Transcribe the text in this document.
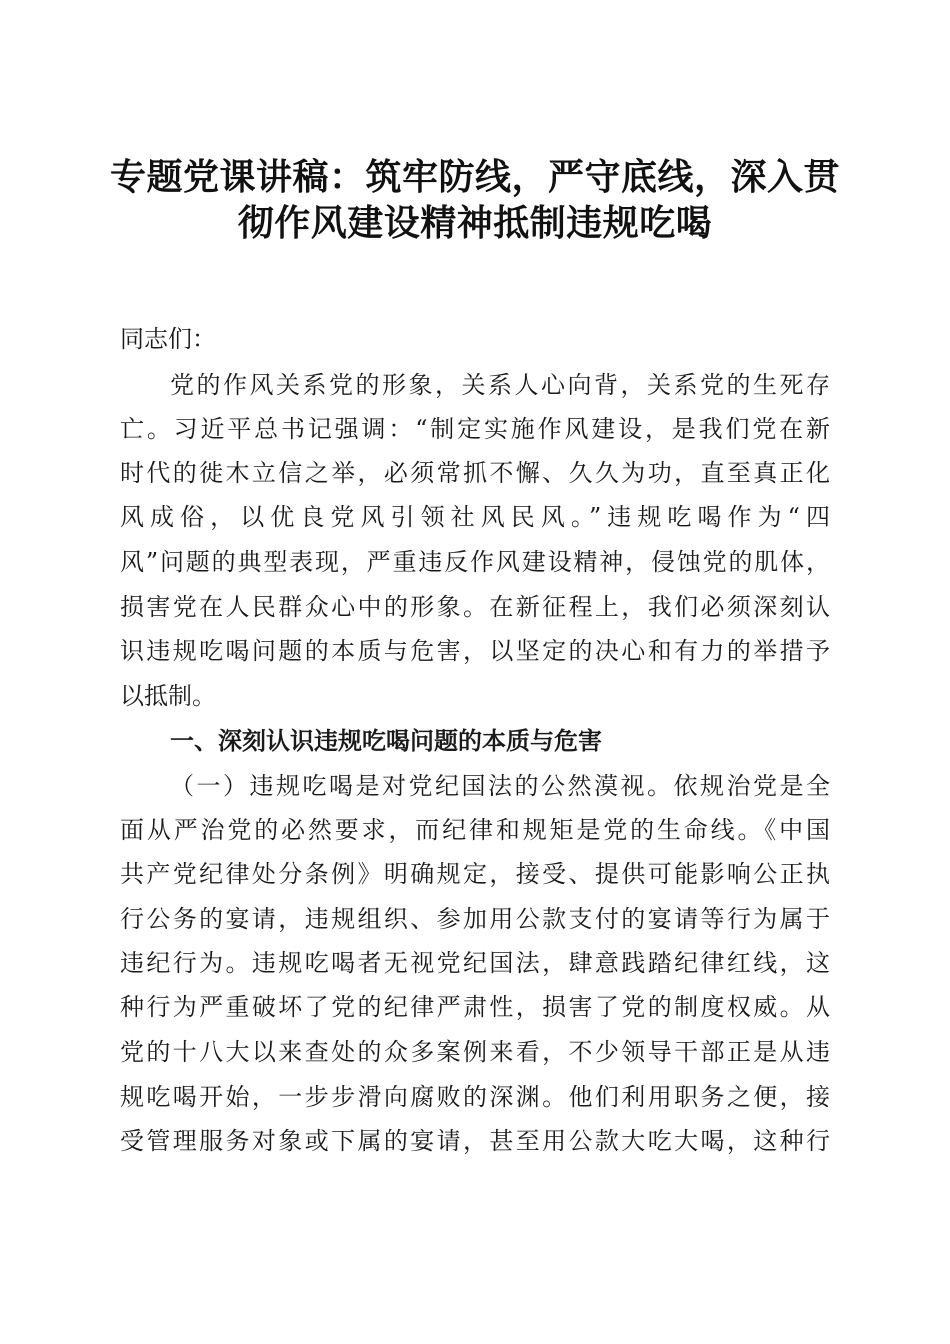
专题党课讲稿：筑牢防线，严守底线，深入贯
彻作风建设精神抵制违规吃喝
同志们：
党的作风关系党的形象，关系人心向背，关系党的生死存
亡。习近平总书记强调：“制定实施作风建设，是我们党在新
时代的徙木立信之举，必须常抓不懈、久久为功，直至真正化
风成俗，以优良党风引领社风民风。”违规吃喝作为“四
风”问题的典型表现，严重违反作风建设精神，侵蚀党的肌体，
损害党在人民群众心中的形象。在新征程上，我们必须深刻认
识违规吃喝问题的本质与危害，以坚定的决心和有力的举措予
以抵制。
一、深刻认识违规吃喝问题的本质与危害
（一）违规吃喝是对党纪国法的公然漠视。依规治党是全
面从严治党的必然要求，而纪律和规矩是党的生命线。《中国
共产党纪律处分条例》明确规定，接受、提供可能影响公正执
行公务的宴请，违规组织、参加用公款支付的宴请等行为属于
违纪行为。违规吃喝者无视党纪国法，肆意践踏纪律红线，这
种行为严重破坏了党的纪律严肃性，损害了党的制度权威。从
党的十八大以来查处的众多案例来看，不少领导干部正是从违
规吃喝开始，一步步滑向腐败的深渊。他们利用职务之便，接
受管理服务对象或下属的宴请，甚至用公款大吃大喝，这种行
